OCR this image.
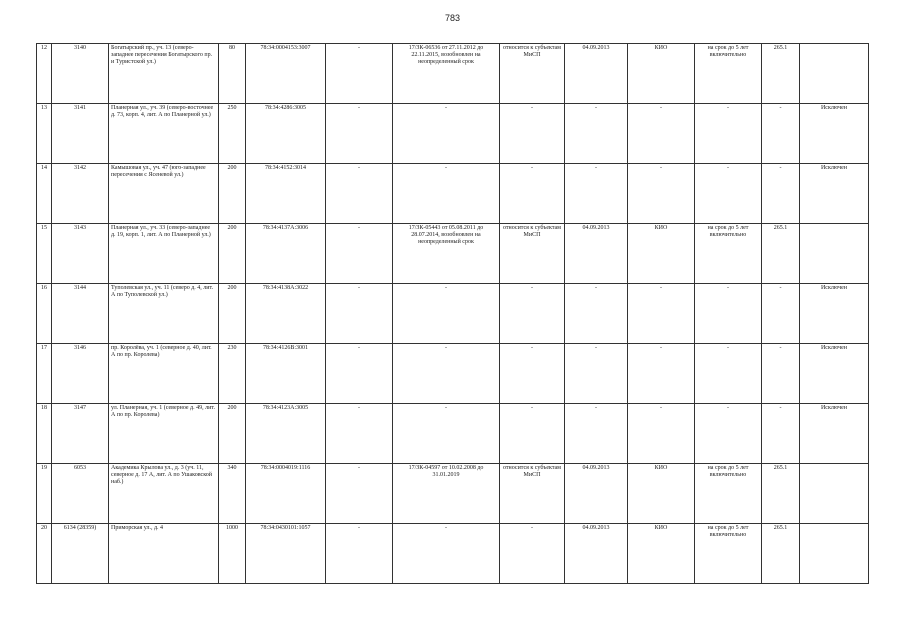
783
12	3140	Богатырский пр., уч. 13 (северо-западнее пересечения Богатырского пр. и Туристской ул.)	80	78:34:0004153:3007	-	17/ЗК-06536 от 27.11.2012 до 22.11.2015, возобновлен на неопределенный срок	относится к субъектам МиСП	04.09.2013	КИО	на срок до 5 лет включительно	265.1	
13	3141	Планерная ул., уч. 39 (северо-восточнее д. 73, корп. 4, лит. А по Планерной ул.)	250	78:34:4286:3005	-	-	-	-	-	-	-	Исключен
14	3142	Камышовая ул., уч. 47 (юго-западнее пересечения с Ясеневой ул.)	200	78:34:4152:3014	-	-	-	-	-	-	-	Исключен
15	3143	Планерная ул., уч. 33 (северо-западнее д. 19, корп. 1, лит. А по Планерной ул.)	200	78:34:4137А:3006	-	17/ЗК-05443 от 05.08.2011 до 28.07.2014, возобновлен на неопределенный срок	относится к субъектам МиСП	04.09.2013	КИО	на срок до 5 лет включительно	265.1	
16	3144	Туполевская ул., уч. 11 (северо д. 4, лит. А по Туполевской ул.)	200	78:34:4138А:3022	-	-	-	-	-	-	-	Исключен
17	3146	пр. Королёва, уч. 1 (северное д. 40, лит. А по пр. Королева)	230	78:34:4126В:3001	-	-	-	-	-	-	-	Исключен
18	3147	ул. Планерная, уч. 1 (северное д. 49, лит. А по пр. Королева)	200	78:34:4123А:3005	-	-	-	-	-	-	-	Исключен
19	6053	Академика Крылова ул., д. 3 (уч. 11, северное д. 17 А, лит. А по Ушаковской наб.)	340	78:34:0004019:1116	-	17/ЗК-04597 от 10.02.2008 до 31.01.2019	относится к субъектам МиСП	04.09.2013	КИО	на срок до 5 лет включительно	265.1	
20	6134 (28359)	Приморская ул., д. 4	1000	78:34:0430101:1057	-	-	-	04.09.2013	КИО	на срок до 5 лет включительно	265.1	
